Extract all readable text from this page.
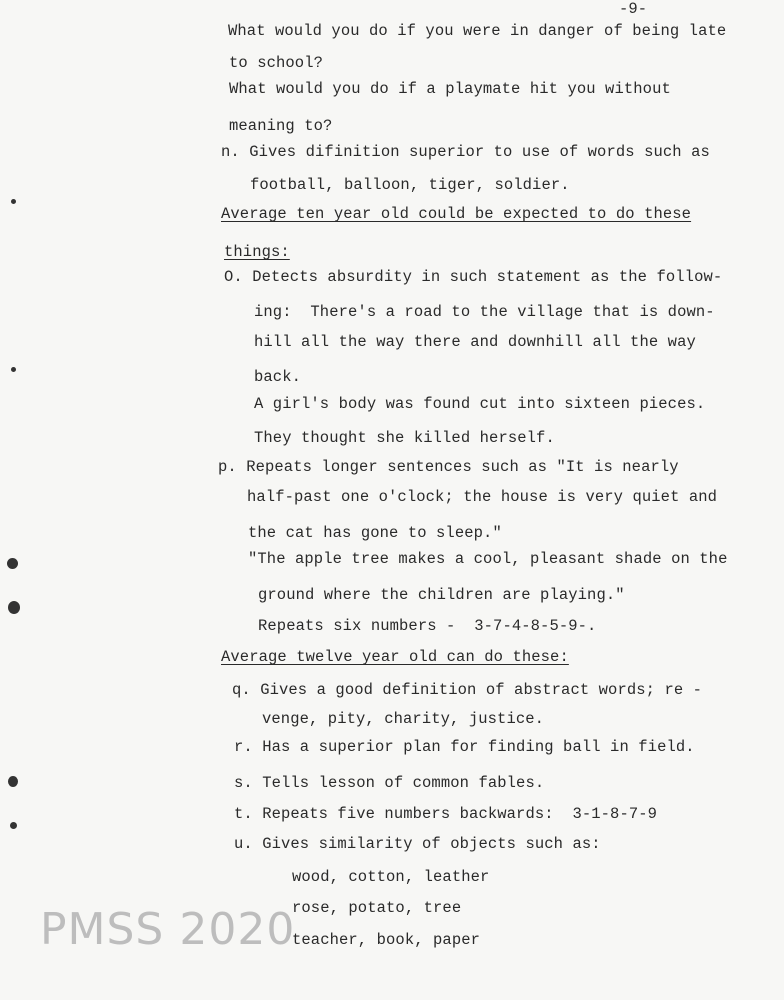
-9-
What would you do if you were in danger of being late
to school?
What would you do if a playmate hit you without
meaning to?
n. Gives difinition superior to use of words such as
football, balloon, tiger, soldier.
Average ten year old could be expected to do these
things:
O. Detects absurdity in such statement as the follow-
ing:  There's a road to the village that is down-
hill all the way there and downhill all the way
back.
A girl's body was found cut into sixteen pieces.
They thought she killed herself.
p. Repeats longer sentences such as "It is nearly
half-past one o'clock; the house is very quiet and
the cat has gone to sleep."
"The apple tree makes a cool, pleasant shade on the
ground where the children are playing."
Repeats six numbers -  3-7-4-8-5-9-.
Average twelve year old can do these:
q. Gives a good definition of abstract words; re -
venge, pity, charity, justice.
r. Has a superior plan for finding ball in field.
s. Tells lesson of common fables.
t. Repeats five numbers backwards:  3-1-8-7-9
u. Gives similarity of objects such as:
wood, cotton, leather
rose, potato, tree
teacher, book, paper
PMSS 2020
